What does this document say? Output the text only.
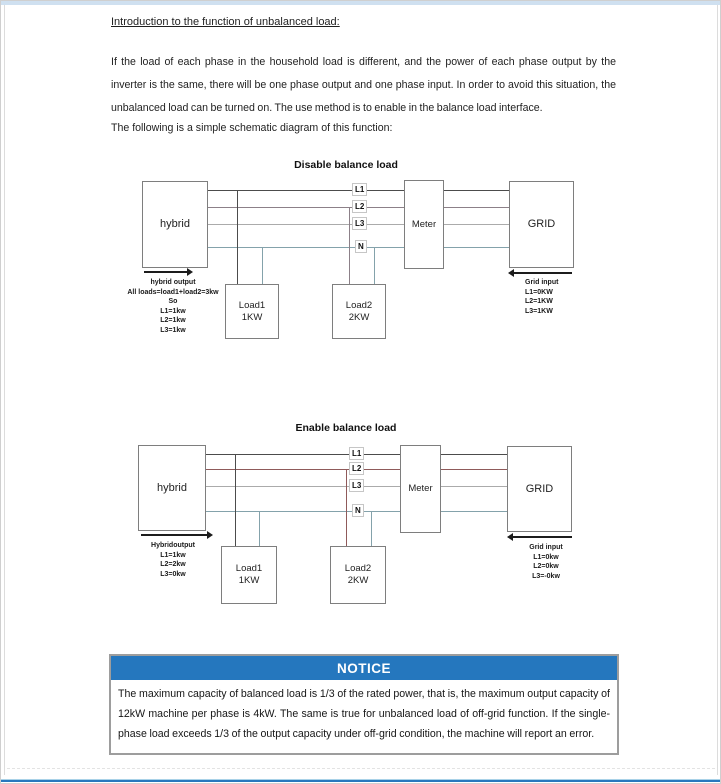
Introduction to the function of unbalanced load:
If the load of each phase in the household load is different, and the power of each phase output by the inverter is the same, there will be one phase output and one phase input. In order to avoid this situation, the unbalanced load can be turned on. The use method is to enable in the balance load interface.
The following is a simple schematic diagram of this function:
Disable balance load
L1
L2
L3
N
hybrid	Meter	GRID
Load1
1KW
Load2
2KW
hybrid output
All loads=load1+load2=3kw
So
L1=1kw
L2=1kw
L3=1kw
Grid input
L1=0KW
L2=1KW
L3=1KW
Enable balance load
L1
L2
L3
N
hybrid	Meter	GRID
Load1
1KW
Load2
2KW
Hybridoutput
L1=1kw
L2=2kw
L3=0kw
Grid input
L1=0kw
L2=0kw
L3=-0kw
NOTICE
The maximum capacity of balanced load is 1/3 of the rated power, that is, the maximum output capacity of 12kW machine per phase is 4kW. The same is true for unbalanced load of off-grid function. If the single-phase load exceeds 1/3 of the output capacity under off-grid condition, the machine will report an error.
